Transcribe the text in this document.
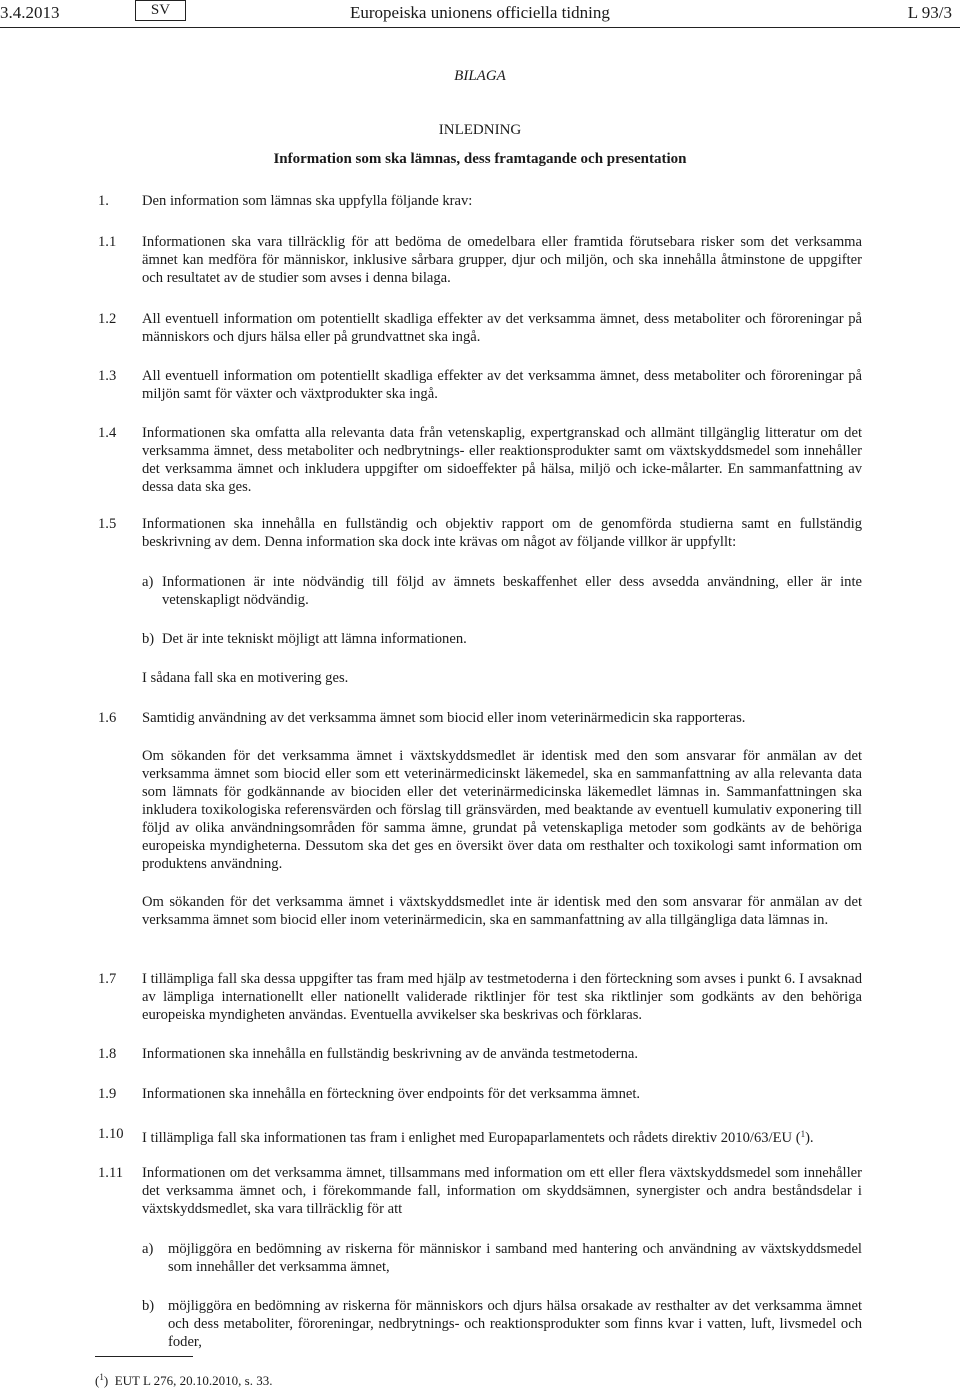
3.4.2013	SV	Europeiska unionens officiella tidning	L 93/3
BILAGA
INLEDNING
Information som ska lämnas, dess framtagande och presentation
1. Den information som lämnas ska uppfylla följande krav:
1.1 Informationen ska vara tillräcklig för att bedöma de omedelbara eller framtida förutsebara risker som det verksamma ämnet kan medföra för människor, inklusive sårbara grupper, djur och miljön, och ska innehålla åtminstone de uppgifter och resultatet av de studier som avses i denna bilaga.
1.2 All eventuell information om potentiellt skadliga effekter av det verksamma ämnet, dess metaboliter och föroreningar på människors och djurs hälsa eller på grundvattnet ska ingå.
1.3 All eventuell information om potentiellt skadliga effekter av det verksamma ämnet, dess metaboliter och föroreningar på miljön samt för växter och växtprodukter ska ingå.
1.4 Informationen ska omfatta alla relevanta data från vetenskaplig, expertgranskad och allmänt tillgänglig litteratur om det verksamma ämnet, dess metaboliter och nedbrytnings- eller reaktionsprodukter samt om växtskyddsmedel som innehåller det verksamma ämnet och inkludera uppgifter om sidoeffekter på hälsa, miljö och icke-målarter. En sammanfattning av dessa data ska ges.
1.5 Informationen ska innehålla en fullständig och objektiv rapport om de genomförda studierna samt en fullständig beskrivning av dem. Denna information ska dock inte krävas om något av följande villkor är uppfyllt:
a) Informationen är inte nödvändig till följd av ämnets beskaffenhet eller dess avsedda användning, eller är inte vetenskapligt nödvändig.
b) Det är inte tekniskt möjligt att lämna informationen.
I sådana fall ska en motivering ges.
1.6 Samtidig användning av det verksamma ämnet som biocid eller inom veterinärmedicin ska rapporteras.

Om sökanden för det verksamma ämnet i växtskyddsmedlet är identisk med den som ansvarar för anmälan av det verksamma ämnet som biocid eller som ett veterinärmedicinskt läkemedel, ska en sammanfattning av alla relevanta data som lämnats för godkännande av biociden eller det veterinärmedicinska läkemedlet lämnas in. Sammanfattningen ska inkludera toxikologiska referensvärden och förslag till gränsvärden, med beaktande av eventuell kumulativ exponering till följd av olika användningsområden för samma ämne, grundat på vetenskapliga metoder som godkänts av de behöriga europeiska myndigheterna. Dessutom ska det ges en översikt över data om resthalter och toxikologi samt information om produktens användning.

Om sökanden för det verksamma ämnet i växtskyddsmedlet inte är identisk med den som ansvarar för anmälan av det verksamma ämnet som biocid eller inom veterinärmedicin, ska en sammanfattning av alla tillgängliga data lämnas in.

1.7 I tillämpliga fall ska dessa uppgifter tas fram med hjälp av testmetoderna i den förteckning som avses i punkt 6. I avsaknad av lämpliga internationellt eller nationellt validerade riktlinjer för test ska riktlinjer som godkänts av den behöriga europeiska myndigheten användas. Eventuella avvikelser ska beskrivas och förklaras.
1.8 Informationen ska innehålla en fullständig beskrivning av de använda testmetoderna.
1.9 Informationen ska innehålla en förteckning över endpoints för det verksamma ämnet.
1.10 I tillämpliga fall ska informationen tas fram i enlighet med Europaparlamentets och rådets direktiv 2010/63/EU ($^1$).
1.11 Informationen om det verksamma ämnet, tillsammans med information om ett eller flera växtskyddsmedel som innehåller det verksamma ämnet och, i förekommande fall, information om skyddsämnen, synergister och andra beståndsdelar i växtskyddsmedlet, ska vara tillräcklig för att
a) möjliggöra en bedömning av riskerna för människor i samband med hantering och användning av växtskyddsmedel som innehåller det verksamma ämnet,
b) möjliggöra en bedömning av riskerna för människors och djurs hälsa orsakade av resthalter av det verksamma ämnet och dess metaboliter, föroreningar, nedbrytnings- och reaktionsprodukter som finns kvar i vatten, luft, livsmedel och foder,
($^1$)  EUT L 276, 20.10.2010, s. 33.
